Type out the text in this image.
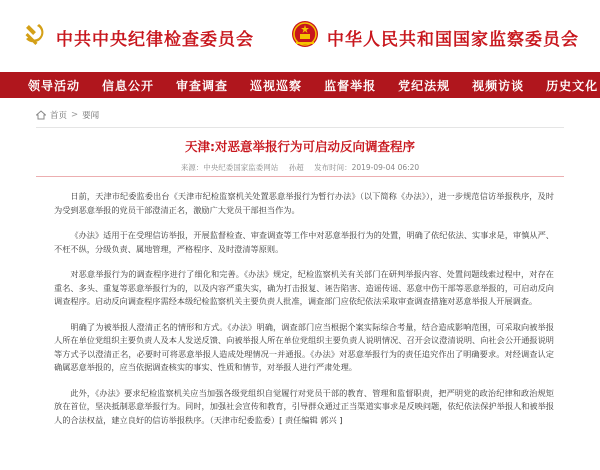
中共中央纪律检查委员会	中华人民共和国国家监察委员会
领导活动 信息公开 审查调查 巡视巡察 监督举报 党纪法规 视频访谈 历史文化
首页 > 要闻
天津:对恶意举报行为可启动反向调查程序
来源：中央纪委国家监委网站 孙超 发布时间：2019-09-04 06:20

日前，天津市纪委监委出台《天津市纪检监察机关处置恶意举报行为暂行办法》（以下简称《办法》），进一步规范信访举报秩序，及时为受到恶意举报的党员干部澄清正名，激励广大党员干部担当作为。

《办法》适用于在受理信访举报，开展监督检查、审查调查等工作中对恶意举报行为的处置，明确了依纪依法、实事求是，审慎从严、不枉不纵，分级负责、属地管理，严格程序、及时澄清等原则。

对恶意举报行为的调查程序进行了细化和完善。《办法》规定，纪检监察机关有关部门在研判举报内容、处置问题线索过程中，对存在重名、多头、重复等恶意举报行为的，以及内容严重失实，确为打击报复、诬告陷害、造谣传谣、恶意中伤干部等恶意举报的，可启动反向调查程序。启动反向调查程序需经本级纪检监察机关主要负责人批准，调查部门应依纪依法采取审查调查措施对恶意举报人开展调查。

明确了为被举报人澄清正名的情形和方式。《办法》明确，调查部门应当根据个案实际综合考量，结合造成影响范围，可采取向被举报人所在单位党组织主要负责人及本人发送反馈、向被举报人所在单位党组织主要负责人说明情况、召开会议澄清说明、向社会公开通报说明等方式予以澄清正名，必要时可将恶意举报人造成处理情况一并通报。《办法》对恶意举报行为的责任追究作出了明确要求。对经调查认定确属恶意举报的，应当依据调查核实的事实、性质和情节，对举报人进行严肃处理。

此外，《办法》要求纪检监察机关应当加强各级党组织自觉履行对党员干部的教育、管理和监督职责，把严明党的政治纪律和政治规矩放在首位，坚决抵制恶意举报行为。同时，加强社会宣传和教育，引导群众通过正当渠道实事求是反映问题，依纪依法保护举报人和被举报人的合法权益，建立良好的信访举报秩序。（天津市纪委监委）[ 责任编辑 郭兴 ]
